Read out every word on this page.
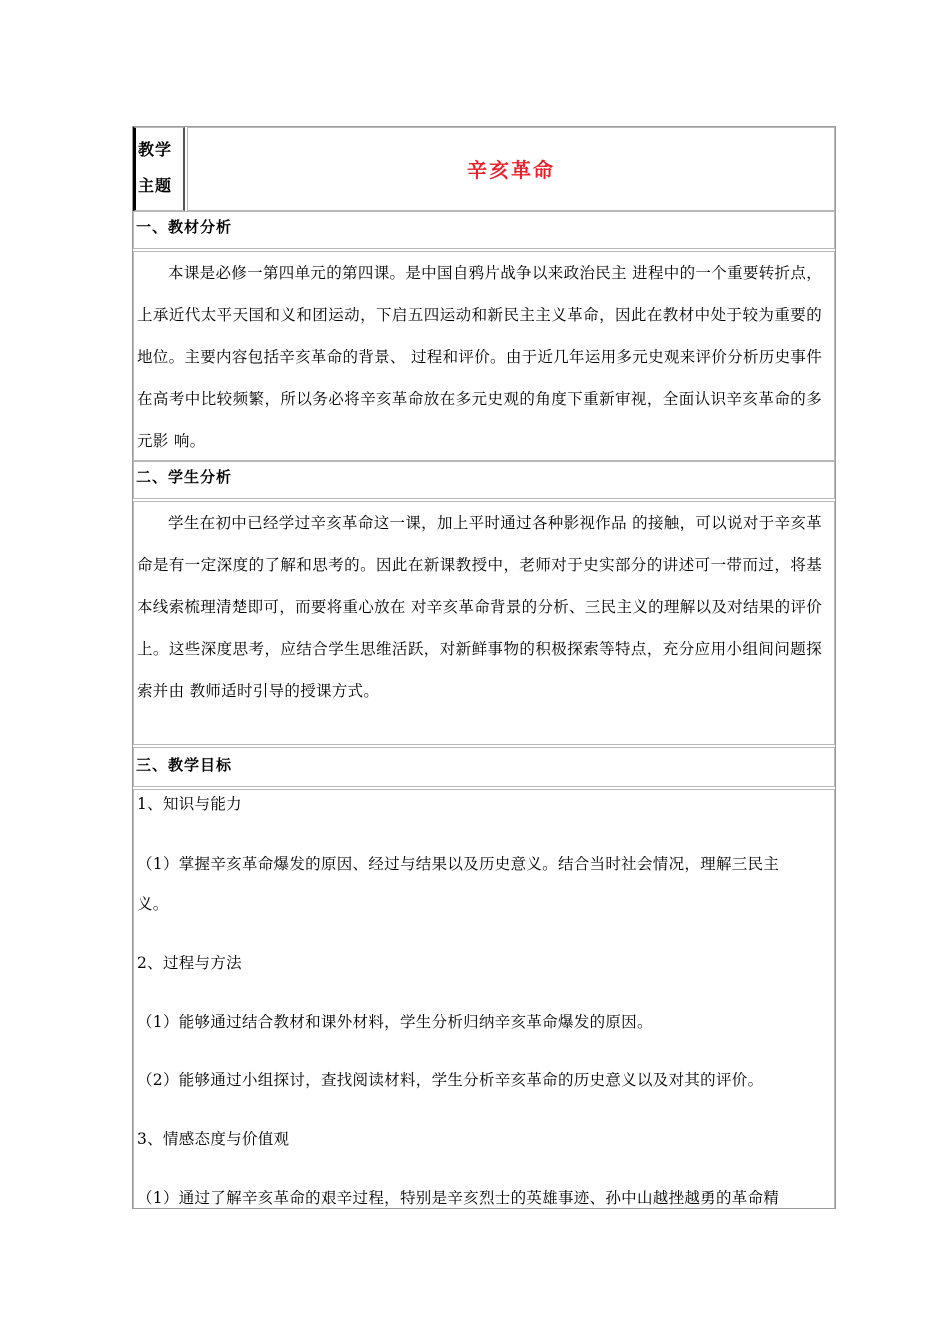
教学
主题
辛亥革命
一、教材分析

本课是必修一第四单元的第四课。是中国自鸦片战争以来政治民主 进程中的一个重要转折点，上承近代太平天国和义和团运动，下启五四运动和新民主主义革命，因此在教材中处于较为重要的地位。主要内容包括辛亥革命的背景、 过程和评价。由于近几年运用多元史观来评价分析历史事件在高考中比较频繁，所以务必将辛亥革命放在多元史观的角度下重新审视，全面认识辛亥革命的多元影 响。

二、学生分析

学生在初中已经学过辛亥革命这一课，加上平时通过各种影视作品 的接触，可以说对于辛亥革命是有一定深度的了解和思考的。因此在新课教授中，老师对于史实部分的讲述可一带而过，将基本线索梳理清楚即可，而要将重心放在 对辛亥革命背景的分析、三民主义的理解以及对结果的评价上。这些深度思考，应结合学生思维活跃，对新鲜事物的积极探索等特点，充分应用小组间问题探索并由 教师适时引导的授课方式。

三、教学目标

1、知识与能力

（1）掌握辛亥革命爆发的原因、经过与结果以及历史意义。结合当时社会情况，理解三民主

义。

2、过程与方法

（1）能够通过结合教材和课外材料，学生分析归纳辛亥革命爆发的原因。

（2）能够通过小组探讨，查找阅读材料，学生分析辛亥革命的历史意义以及对其的评价。

3、情感态度与价值观

（1）通过了解辛亥革命的艰辛过程，特别是辛亥烈士的英雄事迹、孙中山越挫越勇的革命精
